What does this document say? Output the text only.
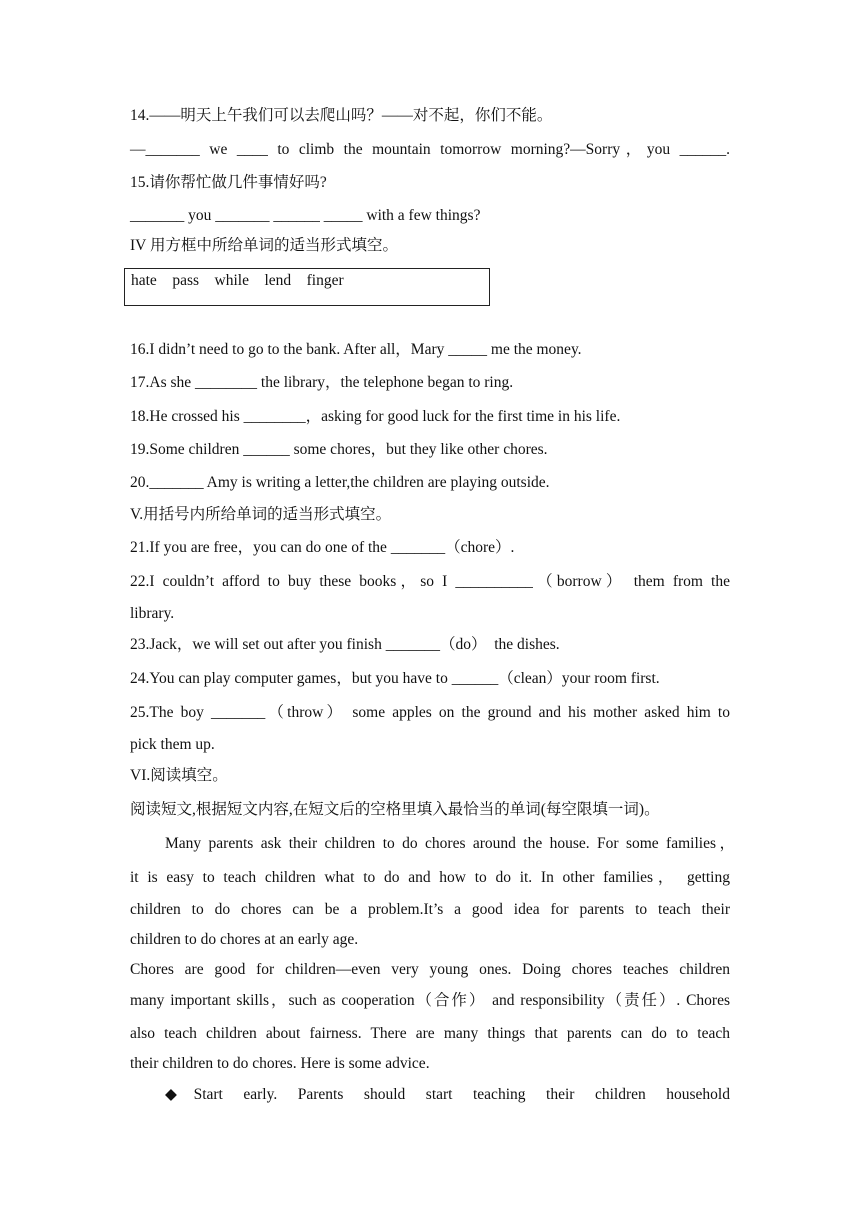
14.——明天上午我们可以去爬山吗？——对不起，你们不能。
—_______ we ____ to climb the mountain tomorrow morning?—Sorry，you ______.
15.请你帮忙做几件事情好吗?
_______ you _______ ______ _____ with a few things?
IV 用方框中所给单词的适当形式填空。
hate    pass    while    lend    finger
16.I didn’t need to go to the bank. After all，Mary _____ me the money.
17.As she ________ the library，the telephone began to ring.
18.He crossed his ________，asking for good luck for the first time in his life.
19.Some children ______ some chores，but they like other chores.
20._______ Amy is writing a letter,the children are playing outside.
V.用括号内所给单词的适当形式填空。
21.If you are free，you can do one of the _______（chore）.
22.I couldn’t afford to buy these books，so I __________（borrow） them from the
library.
23.Jack，we will set out after you finish _______（do）  the dishes.
24.You can play computer games，but you have to ______（clean）your room first.
25.The boy _______（throw） some apples on the ground and his mother asked him to
pick them up.
VI.阅读填空。
阅读短文,根据短文内容,在短文后的空格里填入最恰当的单词(每空限填一词)。
Many parents ask their children to do chores around the house. For some families，
it is easy to teach children what to do and how to do it. In other families， getting
children to do chores can be a problem.It’s a good idea for parents to teach their
children to do chores at an early age.
Chores are good for children—even very young ones. Doing chores teaches children
many important skills，such as cooperation（合作） and responsibility（责任）. Chores
also teach children about fairness. There are many things that parents can do to teach
their children to do chores. Here is some advice.
◆Start early. Parents should start teaching their children household
